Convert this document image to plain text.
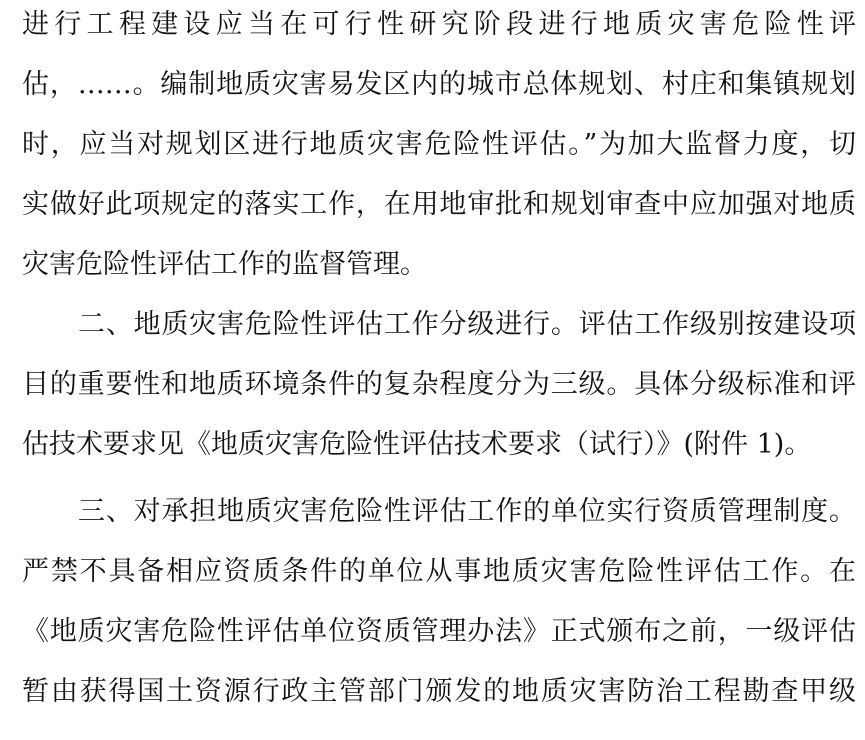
进行工程建设应当在可行性研究阶段进行地质灾害危险性评
估，……。编制地质灾害易发区内的城市总体规划、村庄和集镇规划
时，应当对规划区进行地质灾害危险性评估。”为加大监督力度，切
实做好此项规定的落实工作，在用地审批和规划审查中应加强对地质
灾害危险性评估工作的监督管理。
二、地质灾害危险性评估工作分级进行。评估工作级别按建设项
目的重要性和地质环境条件的复杂程度分为三级。具体分级标准和评
估技术要求见《地质灾害危险性评估技术要求（试行）》(附件 1)。
三、对承担地质灾害危险性评估工作的单位实行资质管理制度。
严禁不具备相应资质条件的单位从事地质灾害危险性评估工作。在
《地质灾害危险性评估单位资质管理办法》正式颁布之前，一级评估
暂由获得国土资源行政主管部门颁发的地质灾害防治工程勘查甲级
